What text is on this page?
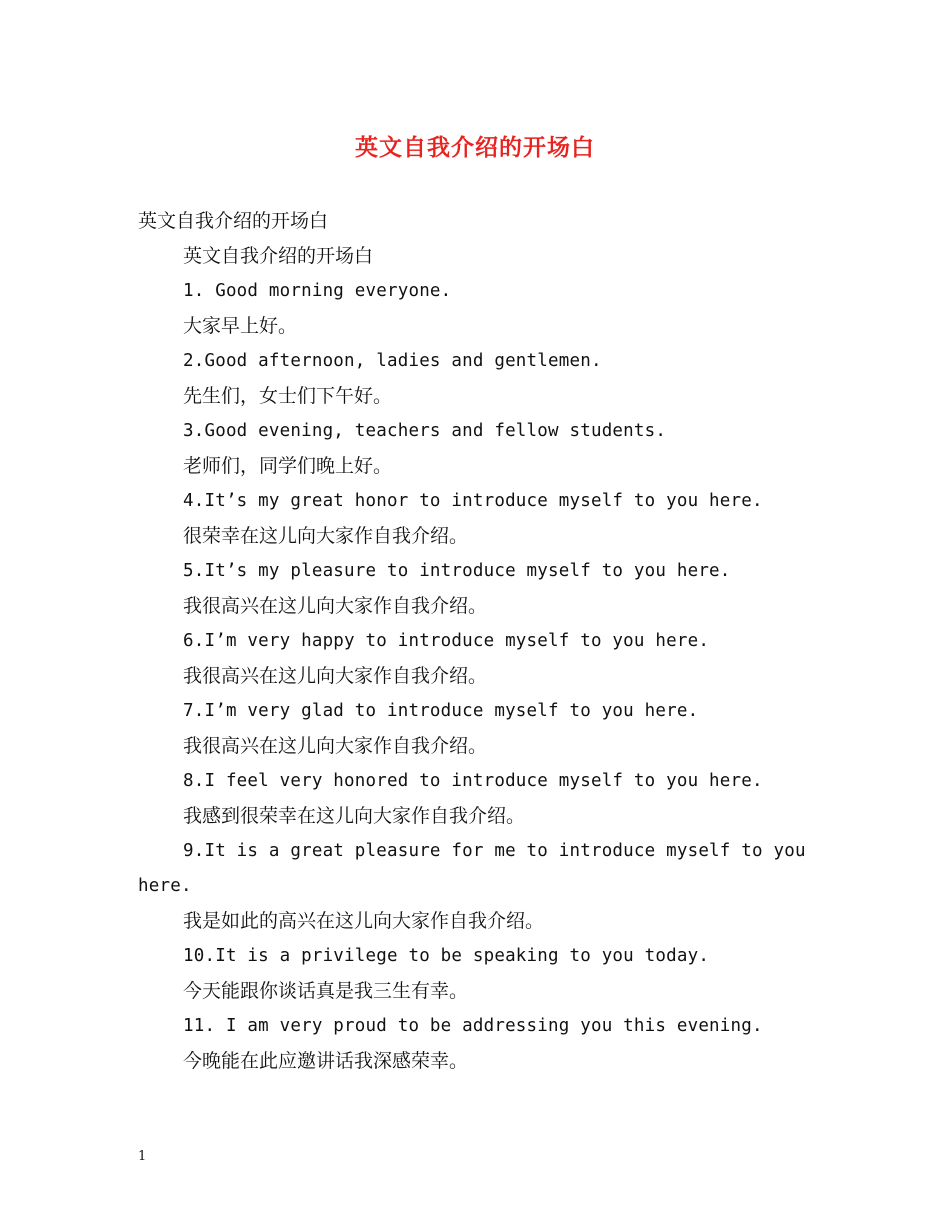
英文自我介绍的开场白
英文自我介绍的开场白
英文自我介绍的开场白
1. Good morning everyone.
大家早上好。
2.Good afternoon, ladies and gentlemen.
先生们，女士们下午好。
3.Good evening, teachers and fellow students.
老师们，同学们晚上好。
4.It’s my great honor to introduce myself to you here.
很荣幸在这儿向大家作自我介绍。
5.It’s my pleasure to introduce myself to you here.
我很高兴在这儿向大家作自我介绍。
6.I’m very happy to introduce myself to you here.
我很高兴在这儿向大家作自我介绍。
7.I’m very glad to introduce myself to you here.
我很高兴在这儿向大家作自我介绍。
8.I feel very honored to introduce myself to you here.
我感到很荣幸在这儿向大家作自我介绍。
9.It is a great pleasure for me to introduce myself to you
here.
我是如此的高兴在这儿向大家作自我介绍。
10.It is a privilege to be speaking to you today.
今天能跟你谈话真是我三生有幸。
11. I am very proud to be addressing you this evening.
今晚能在此应邀讲话我深感荣幸。
1
